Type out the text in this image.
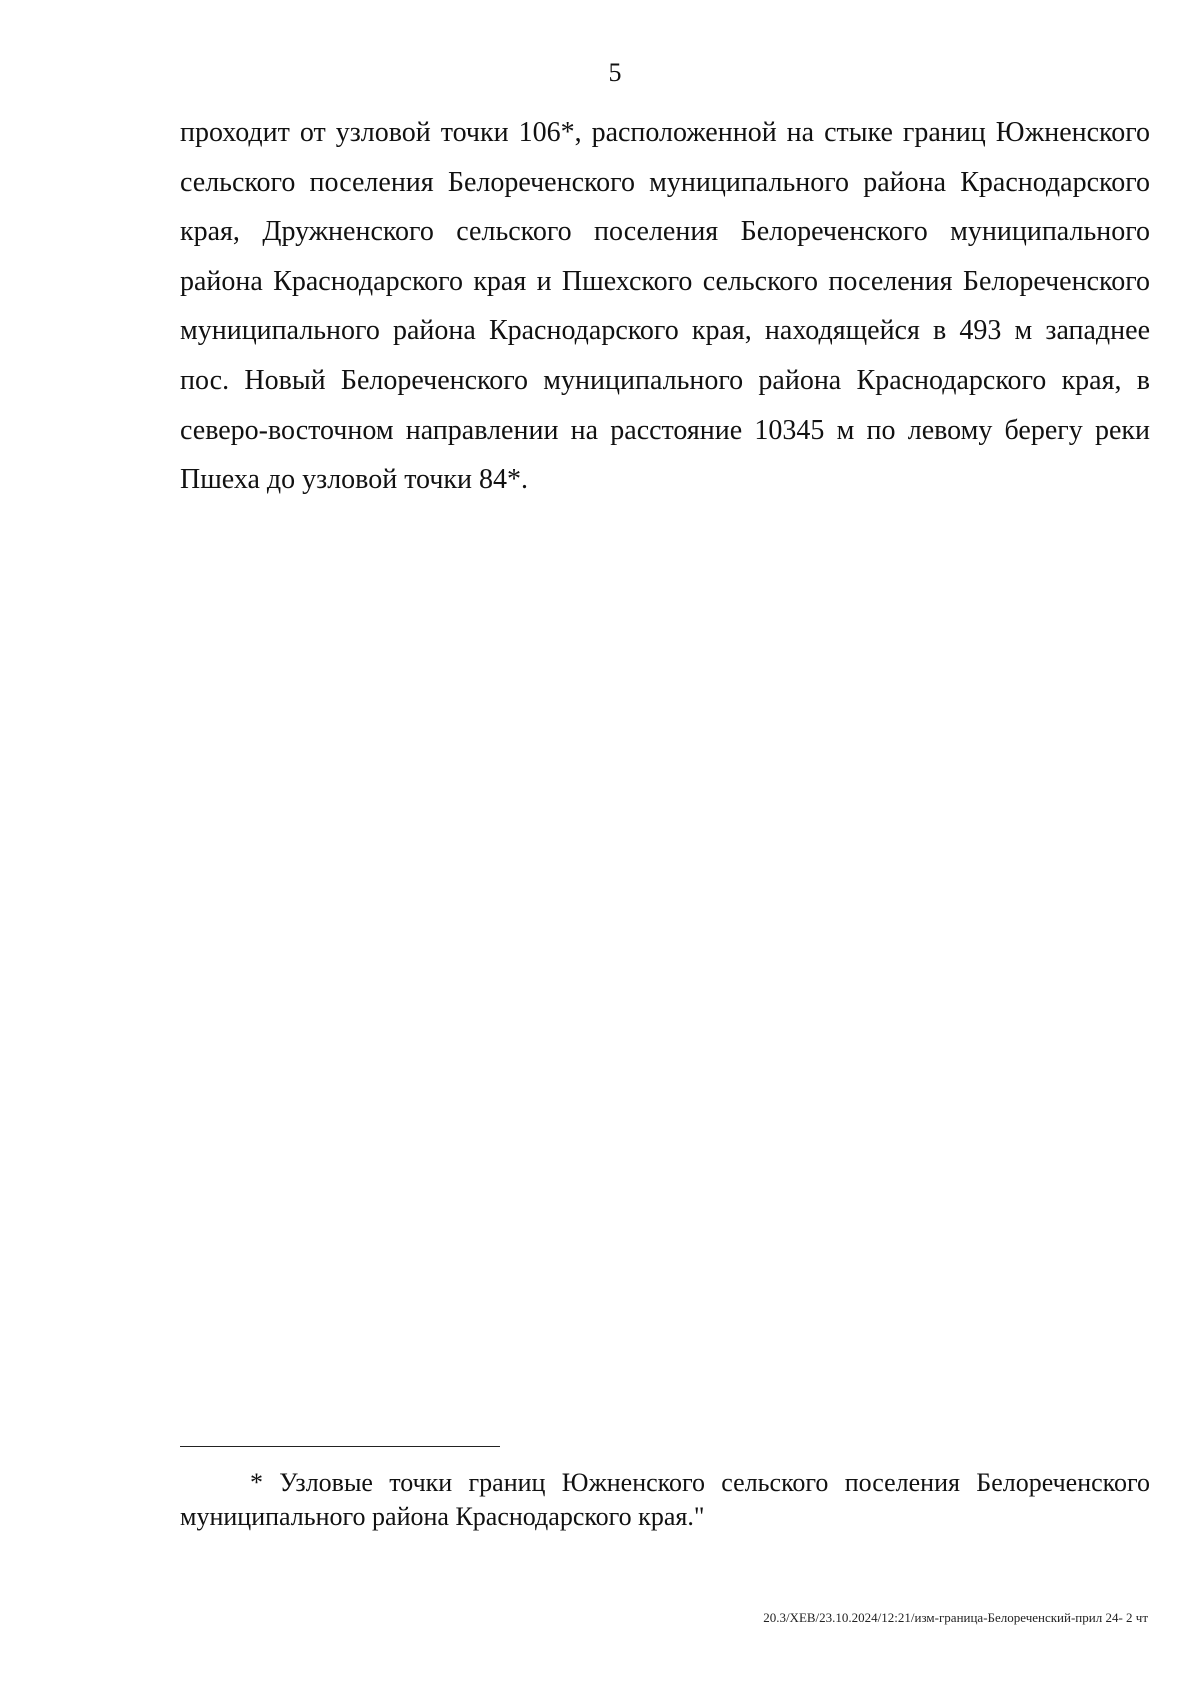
5

проходит от узловой точки 106*, расположенной на стыке границ Южненского сельского поселения Белореченского муниципального района Краснодарского края, Дружненского сельского поселения Белореченского муниципального района Краснодарского края и Пшехского сельского поселения Белореченского муниципального района Краснодарского края, находящейся в 493 м западнее пос. Новый Белореченского муниципального района Краснодарского края, в северо-восточном направлении на расстояние 10345 м по левому берегу реки Пшеха до узловой точки 84*.

* Узловые точки границ Южненского сельского поселения Белореченского муниципального района Краснодарского края."

20.3/ХЕВ/23.10.2024/12:21/изм-граница-Белореченский-прил 24- 2 чт
